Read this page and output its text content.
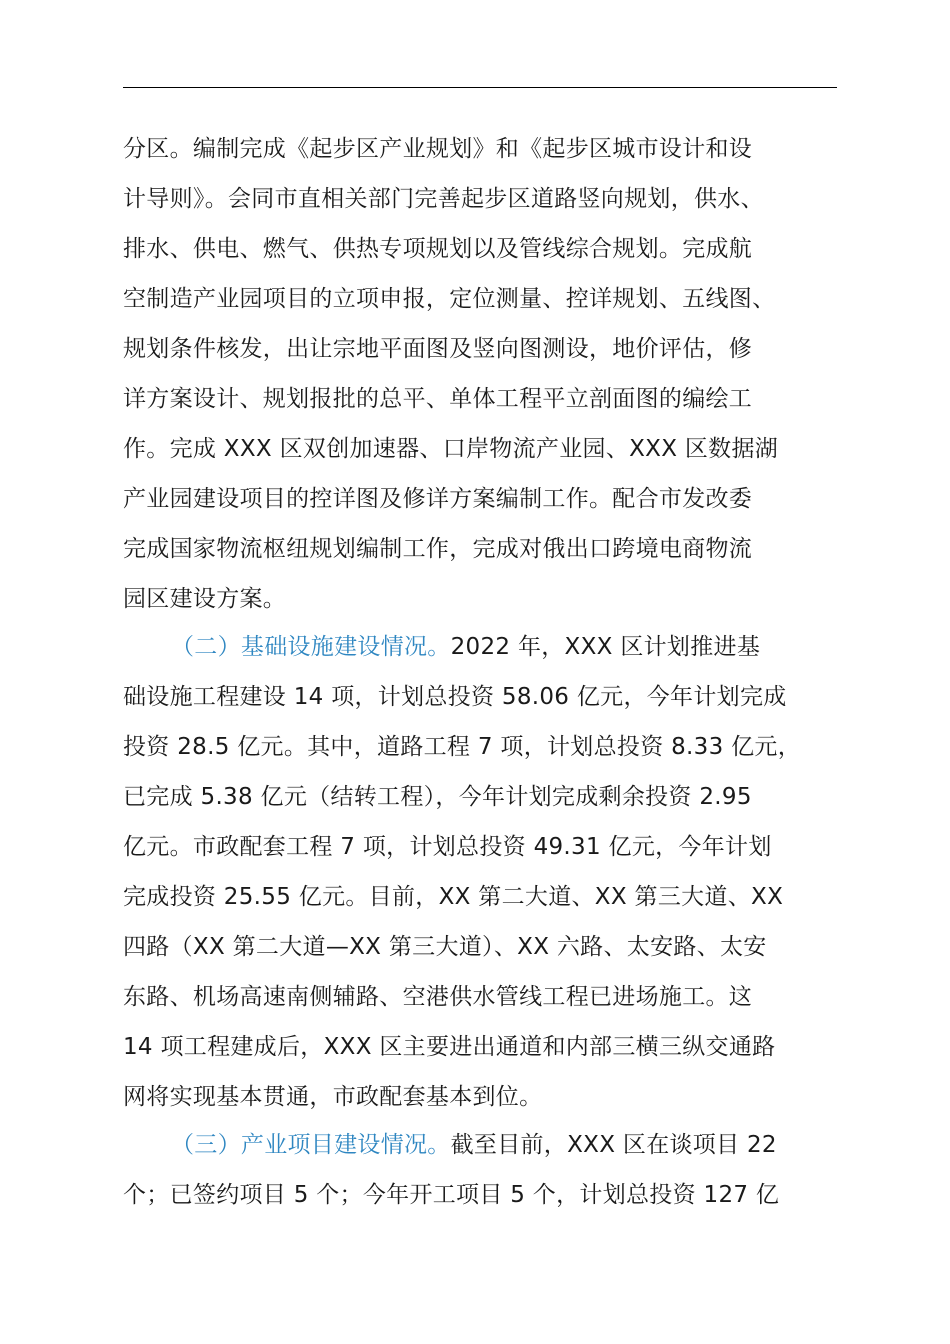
分区。编制完成《起步区产业规划》和《起步区城市设计和设
计导则》。会同市直相关部门完善起步区道路竖向规划，供水、
排水、供电、燃气、供热专项规划以及管线综合规划。完成航
空制造产业园项目的立项申报，定位测量、控详规划、五线图、
规划条件核发，出让宗地平面图及竖向图测设，地价评估，修
详方案设计、规划报批的总平、单体工程平立剖面图的编绘工
作。完成 XXX 区双创加速器、口岸物流产业园、XXX 区数据湖
产业园建设项目的控详图及修详方案编制工作。配合市发改委
完成国家物流枢纽规划编制工作，完成对俄出口跨境电商物流
园区建设方案。
（二）基础设施建设情况。2022 年，XXX 区计划推进基
础设施工程建设 14 项，计划总投资 58.06 亿元，今年计划完成
投资 28.5 亿元。其中，道路工程 7 项，计划总投资 8.33 亿元，
已完成 5.38 亿元（结转工程），今年计划完成剩余投资 2.95
亿元。市政配套工程 7 项，计划总投资 49.31 亿元，今年计划
完成投资 25.55 亿元。目前，XX 第二大道、XX 第三大道、XX
四路（XX 第二大道—XX 第三大道）、XX 六路、太安路、太安
东路、机场高速南侧辅路、空港供水管线工程已进场施工。这
14 项工程建成后，XXX 区主要进出通道和内部三横三纵交通路
网将实现基本贯通，市政配套基本到位。
（三）产业项目建设情况。截至目前，XXX 区在谈项目 22
个；已签约项目 5 个；今年开工项目 5 个，计划总投资 127 亿
